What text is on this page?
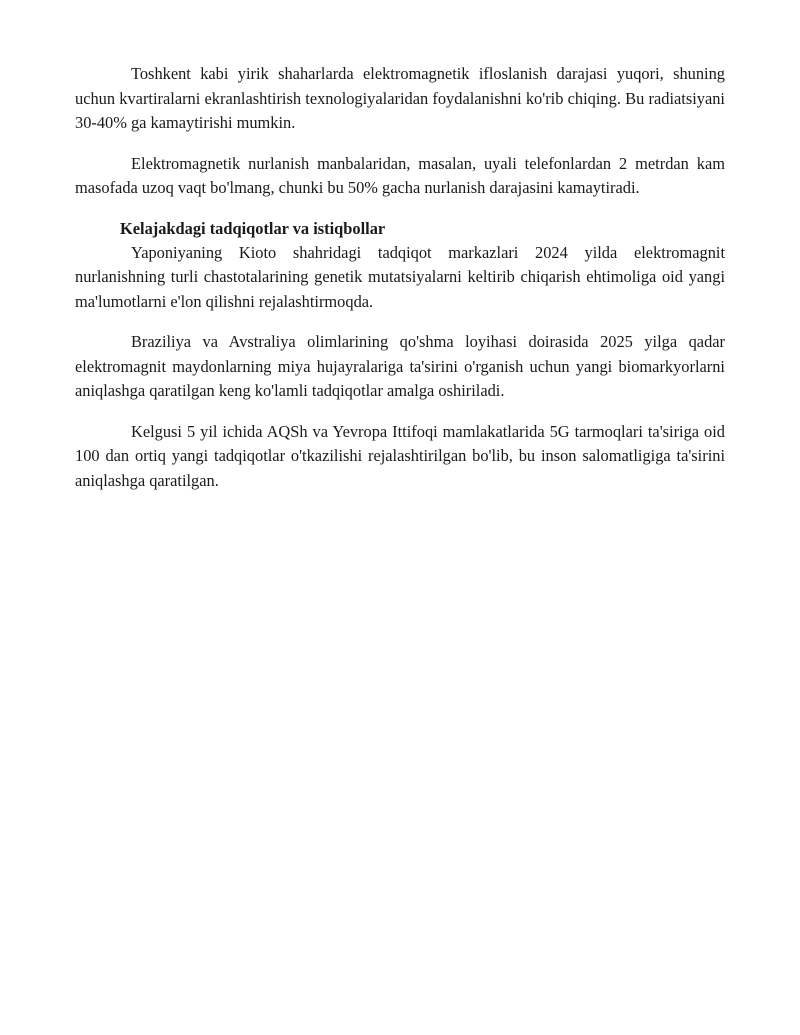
Toshkent kabi yirik shaharlarda elektromagnetik ifloslanish darajasi yuqori, shuning uchun kvartiralarni ekranlashtirish texnologiyalaridan foydalanishni ko'rib chiqing. Bu radiatsiyani 30-40% ga kamaytirishi mumkin.

Elektromagnetik nurlanish manbalaridan, masalan, uyali telefonlardan 2 metrdan kam masofada uzoq vaqt bo'lmang, chunki bu 50% gacha nurlanish darajasini kamaytiradi.

Kelajakdagi tadqiqotlar va istiqbollar

Yaponiyaning Kioto shahridagi tadqiqot markazlari 2024 yilda elektromagnit nurlanishning turli chastotalarining genetik mutatsiyalarni keltirib chiqarish ehtimoliga oid yangi ma'lumotlarni e'lon qilishni rejalashtirmoqda.

Braziliya va Avstraliya olimlarining qo'shma loyihasi doirasida 2025 yilga qadar elektromagnit maydonlarning miya hujayralariga ta'sirini o'rganish uchun yangi biomarkyorlarni aniqlashga qaratilgan keng ko'lamli tadqiqotlar amalga oshiriladi.

Kelgusi 5 yil ichida AQSh va Yevropa Ittifoqi mamlakatlarida 5G tarmoqlari ta'siriga oid 100 dan ortiq yangi tadqiqotlar o'tkazilishi rejalashtirilgan bo'lib, bu inson salomatligiga ta'sirini aniqlashga qaratilgan.
